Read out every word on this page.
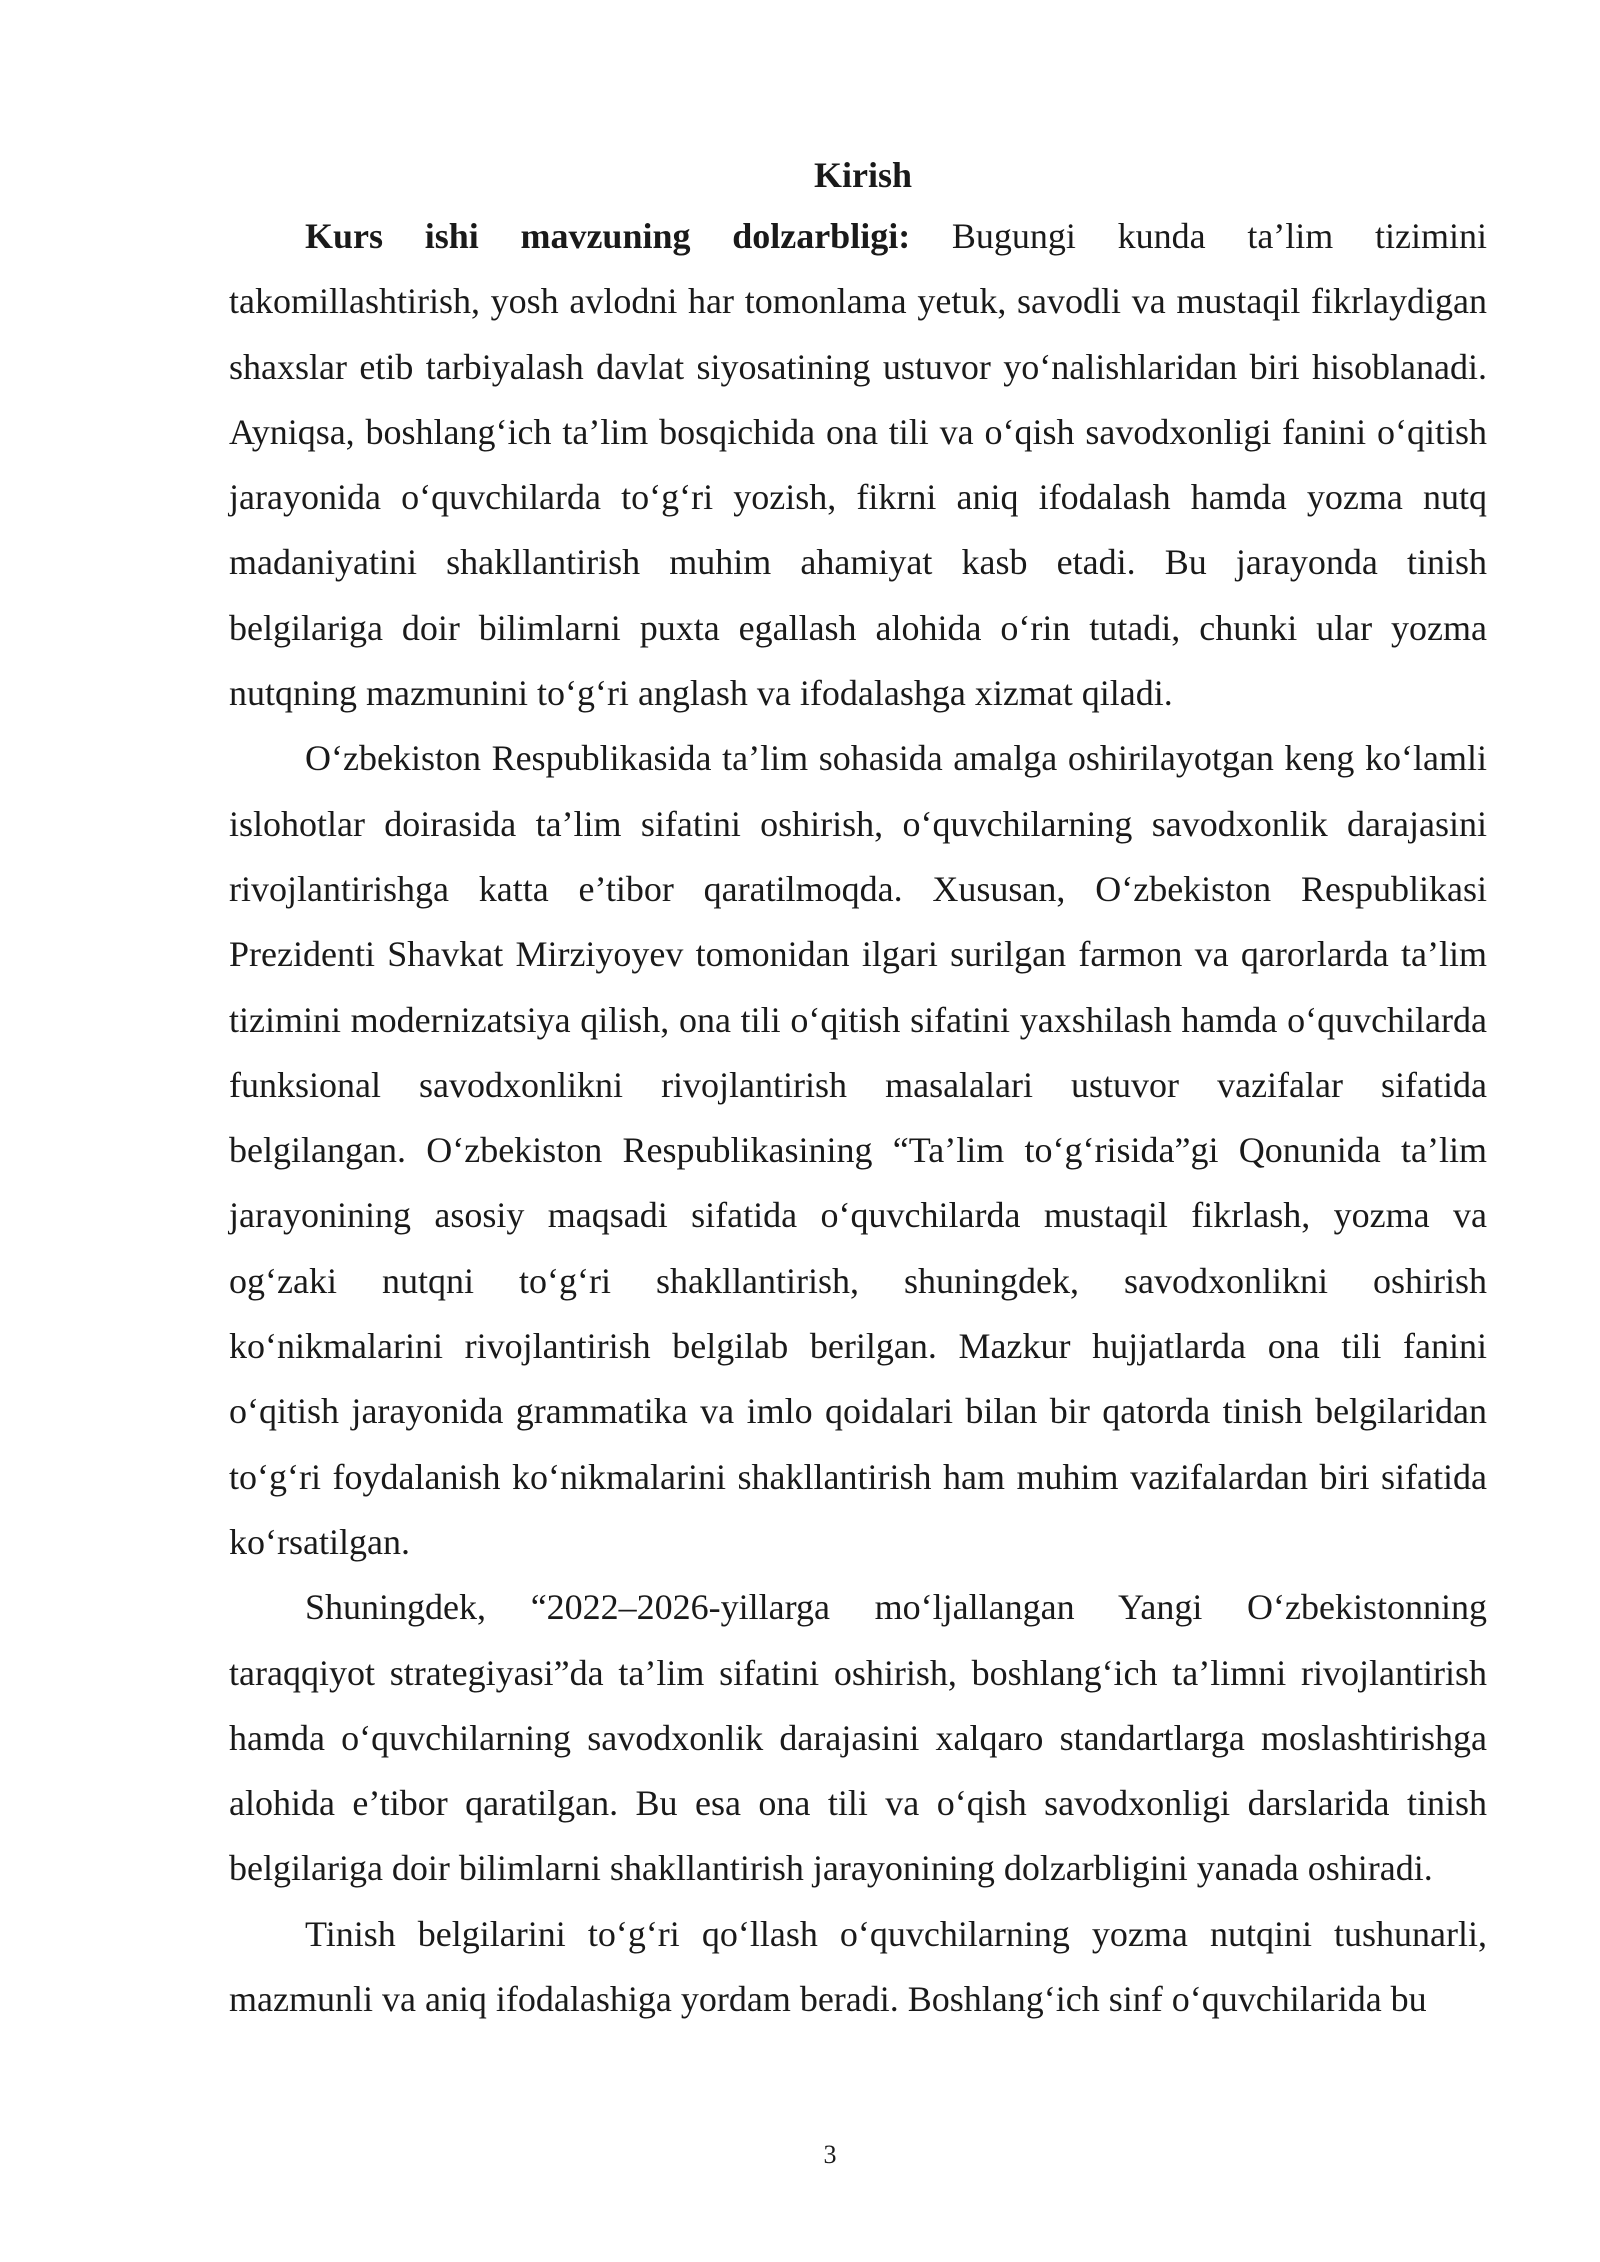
Kirish

Kurs ishi mavzuning dolzarbligi: Bugungi kunda ta’lim tizimini takomillashtirish, yosh avlodni har tomonlama yetuk, savodli va mustaqil fikrlaydigan shaxslar etib tarbiyalash davlat siyosatining ustuvor yo‘nalishlaridan biri hisoblanadi. Ayniqsa, boshlang‘ich ta’lim bosqichida ona tili va o‘qish savodxonligi fanini o‘qitish jarayonida o‘quvchilarda to‘g‘ri yozish, fikrni aniq ifodalash hamda yozma nutq madaniyatini shakllantirish muhim ahamiyat kasb etadi. Bu jarayonda tinish belgilariga doir bilimlarni puxta egallash alohida o‘rin tutadi, chunki ular yozma nutqning mazmunini to‘g‘ri anglash va ifodalashga xizmat qiladi.

O‘zbekiston Respublikasida ta’lim sohasida amalga oshirilayotgan keng ko‘lamli islohotlar doirasida ta’lim sifatini oshirish, o‘quvchilarning savodxonlik darajasini rivojlantirishga katta e’tibor qaratilmoqda. Xususan, O‘zbekiston Respublikasi Prezidenti Shavkat Mirziyoyev tomonidan ilgari surilgan farmon va qarorlarda ta’lim tizimini modernizatsiya qilish, ona tili o‘qitish sifatini yaxshilash hamda o‘quvchilarda funksional savodxonlikni rivojlantirish masalalari ustuvor vazifalar sifatida belgilangan. O‘zbekiston Respublikasining “Ta’lim to‘g‘risida”gi Qonunida ta’lim jarayonining asosiy maqsadi sifatida o‘quvchilarda mustaqil fikrlash, yozma va og‘zaki nutqni to‘g‘ri shakllantirish, shuningdek, savodxonlikni oshirish ko‘nikmalarini rivojlantirish belgilab berilgan. Mazkur hujjatlarda ona tili fanini o‘qitish jarayonida grammatika va imlo qoidalari bilan bir qatorda tinish belgilaridan to‘g‘ri foydalanish ko‘nikmalarini shakllantirish ham muhim vazifalardan biri sifatida ko‘rsatilgan.

Shuningdek, “2022–2026-yillarga mo‘ljallangan Yangi O‘zbekistonning taraqqiyot strategiyasi”da ta’lim sifatini oshirish, boshlang‘ich ta’limni rivojlantirish hamda o‘quvchilarning savodxonlik darajasini xalqaro standartlarga moslashtirishga alohida e’tibor qaratilgan. Bu esa ona tili va o‘qish savodxonligi darslarida tinish belgilariga doir bilimlarni shakllantirish jarayonining dolzarbligini yanada oshiradi.

Tinish belgilarini to‘g‘ri qo‘llash o‘quvchilarning yozma nutqini tushunarli, mazmunli va aniq ifodalashiga yordam beradi. Boshlang‘ich sinf o‘quvchilarida bu

3
